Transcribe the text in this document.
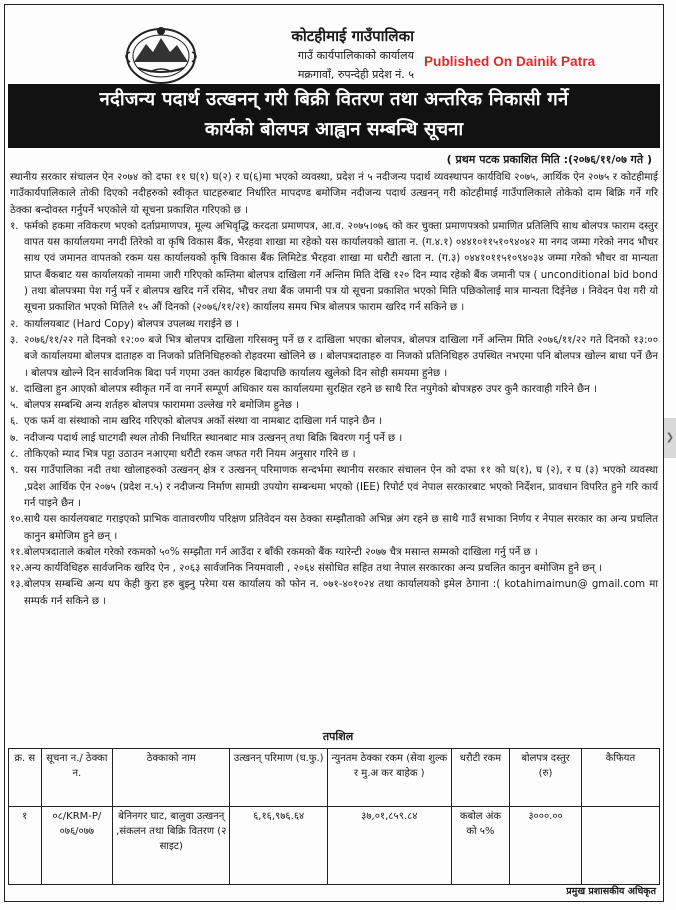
कोटहीमाई गाउँपालिका
गाउँ कार्यपालिकाको कार्यालय
मक्रगावाँ, रुपन्देही प्रदेश नं. ५
Published On Dainik Patra
नदीजन्य पदार्थ उत्खनन् गरी बिक्री वितरण तथा अन्तरिक निकासी गर्ने
कार्यको बोलपत्र आह्वान सम्बन्धि सूचना
( प्रथम पटक प्रकाशित मिति :(२०७६/११/०७ गते )

स्थानीय सरकार संचालन ऐन २०७४ को दफा ११ घ(१) घ(२) र घ(६)मा भएको व्यवस्था, प्रदेश नं ५ नदीजन्य पदार्थ व्यवस्थापन कार्यविधि २०७५, आर्थिक ऐन २०७५ र कोटहीमाई गाउँकार्यपालिकाले तोकी दिएको नदीहरुको स्वीकृत घाटहरुबाट निर्धारित मापदण्ड बमोजिम नदीजन्य पदार्थ उत्खनन् गरी कोटहीमाई गाउँपालिकाले तोकेको दाम बिक्रि गर्ने गरि ठेक्का बन्दोवस्त गर्नुपर्ने भएकोले यो सूचना प्रकाशित गरिएको छ ।

१. फर्मको हकमा नविकरण भएको दर्ताप्रमाणपत्र, मूल्य अभिवृद्धि करदता प्रमाणपत्र, आ.व. २०७५।०७६ को कर चुक्ता प्रमाणपत्रको प्रमाणित प्रतिलिपि साथ बोलपत्र फाराम दस्तुर वापत यस कार्यालयमा नगदी तिरेको वा कृषि विकास बैंक, भैरहवा शाखा मा रहेको यस कार्यालयको खाता न. (ग.४.१) ०४४१०११५१०९४०४२ मा नगद जम्मा गरेको नगद भौचर साथ एवं जमानत वापतको रकम यस कार्यालयको कृषि विकास बैंक लिमिटेड भैरहवा शाखा मा धरौटी खाता न. (ग.३) ०४४१०११५१०९४०३४ जम्मा गरेको भौचर वा मान्यता प्राप्त बैंकबाट यस कार्यालयको नाममा जारी गरिएको कम्तिमा बोलपत्र दाखिला गर्ने अन्तिम मिति देखि १२० दिन म्याद रहेको बैंक जमानी पत्र ( unconditional bid bond ) तथा बोलपत्रमा पेश गर्नु पर्ने र बोलपत्र खरिद गर्ने रसिद, भौचर तथा बैंक जमानी पत्र यो सूचना प्रकाशित भएको मिति पछिकोलाई मात्र मान्यता दिईनेछ । निवेदन पेश गरी यो सूचना प्रकाशित भएको मितिले १५ औं दिनको (२०७६/११/२१) कार्यालय समय भित्र बोलपत्र फाराम खरिद गर्न सकिने छ ।
२. कार्यालयबाट (Hard Copy) बोलपत्र उपलब्ध गराईने छ ।
३. २०७६/११/२२ गते दिनको १२:०० बजे भित्र बोलपत्र दाखिला गरिसक्नु पर्ने छ र दाखिला भएका बोलपत्र, बोलपत्र दाखिला गर्ने अन्तिम मिति २०७६/११/२२ गते दिनको १३:०० बजे कार्यालयमा बोलपत्र दाताहरु वा निजको प्रतिनिधिहरुको रोहवरमा खोलिने छ । बोलपत्रदाताहरु वा निजको प्रतिनिधिहरु उपस्थित नभएमा पनि बोलपत्र खोल्न बाधा पर्ने छैन । बोलपत्र खोल्ने दिन सार्वजनिक बिदा पर्न गएमा उक्त कार्यहरु बिदापछि कार्यालय खुलेको दिन सोही समयमा हुनेछ ।
४. दाखिला हुन आएको बोलपत्र स्वीकृत गर्ने वा नगर्ने सम्पूर्ण अधिकार यस कार्यालयमा सुरक्षित रहने छ साथै रित नपुगेको बोपत्रहरु उपर कुनै कारवाही गरिने छैन ।
५. बोलपत्र सम्बन्धि अन्य शर्तहरु बोलपत्र फाराममा उल्लेख गरे बमोजिम हुनेछ ।
६. एक फर्म वा संस्थाको नाम खरिद गरिएको बोलपत्र अर्को संस्था वा नामबाट दाखिला गर्न पाइने छैन ।
७. नदीजन्य पदार्थ लाई घाटगदी स्थल तोकी निर्धारित स्थानबाट मात्र उत्खनन् तथा बिक्रि बिवरण गर्नु पर्ने छ ।
८. तोकिएको म्याद भित्र पट्टा उठाउन नआएमा धरौटी रकम जफत गरी नियम अनुसार गरिने छ ।
९. यस गाउँपालिका नदी तथा खोलाहरुको उत्खनन् क्षेत्र र उत्खनन् परिमाणक सन्दर्भमा स्थानीय सरकार संचालन ऐन को दफा ११ को घ(१), घ (२), र घ (३) भएको व्यवस्था ,प्रदेश आर्थिक ऐन २०७५ (प्रदेश न.५) र नदीजन्य निर्माण सामग्री उपयोग सम्बन्धमा भएको (IEE) रिपोर्ट एवं नेपाल सरकारबाट भएको निर्देशन, प्रावधान विपरित हुने गरि कार्य गर्न पाइने छैन ।
१०. साथै यस कार्यलयबाट गराइएको प्राभिक वातावरणीय परिक्षण प्रतिवेदन यस ठेक्का सम्झौताको अभिन्न अंग रहने छ साथै गाउँ सभाका निर्णय र नेपाल सरकार का अन्य प्रचलित कानुन बमोजिम हुने छन् ।
११. बोलपत्रदाताले कबोल गरेको रकमको ५०% सम्झौता गर्न आउँदा र बाँकी रकमको बैंक ग्यारेन्टी २०७७ चैत्र मसान्त सम्मको दाखिला गर्नु पर्ने छ ।
१२. अन्य कार्यविधिहरु सार्वजनिक खरिद ऐन , २०६३ सार्वजनिक नियमवाली , २०६४ संसोधित सहित तथा नेपाल सरकारका अन्य प्रचलित कानुन बमोजिम हुने छन् ।
१३. बोलपत्र सम्बन्धि अन्य थप केही कुरा हरु बुझ्नु परेमा यस कार्यालय को फोन न. ०७१-४०१०२४ तथा कार्यालयको इमेल ठेगाना :( kotahimaimun@ gmail.com मा सम्पर्क गर्न सकिने छ ।
तपशिल
क्र. स	सूचना न./ ठेक्का न.	ठेक्काको नाम	उत्खनन् परिमाण (घ.फु.)	न्युनतम ठेक्का रकम (सेवा शुल्क र मु.अ कर बाहेक )	धरौटी रकम	बोलपत्र दस्तुर (रु)	कैफियत
१	०८/KRM-P/०७६/०७७	बेनिनगर घाट, बालुवा उत्खनन् ,संकलन तथा बिक्रि वितरण (२ साइट)	६,१६,९७६.६४	३७,०१,८५९.८४	कबोल अंक को ५%	३०००.००	
प्रमुख प्रशासकीय अधिकृत
❯
